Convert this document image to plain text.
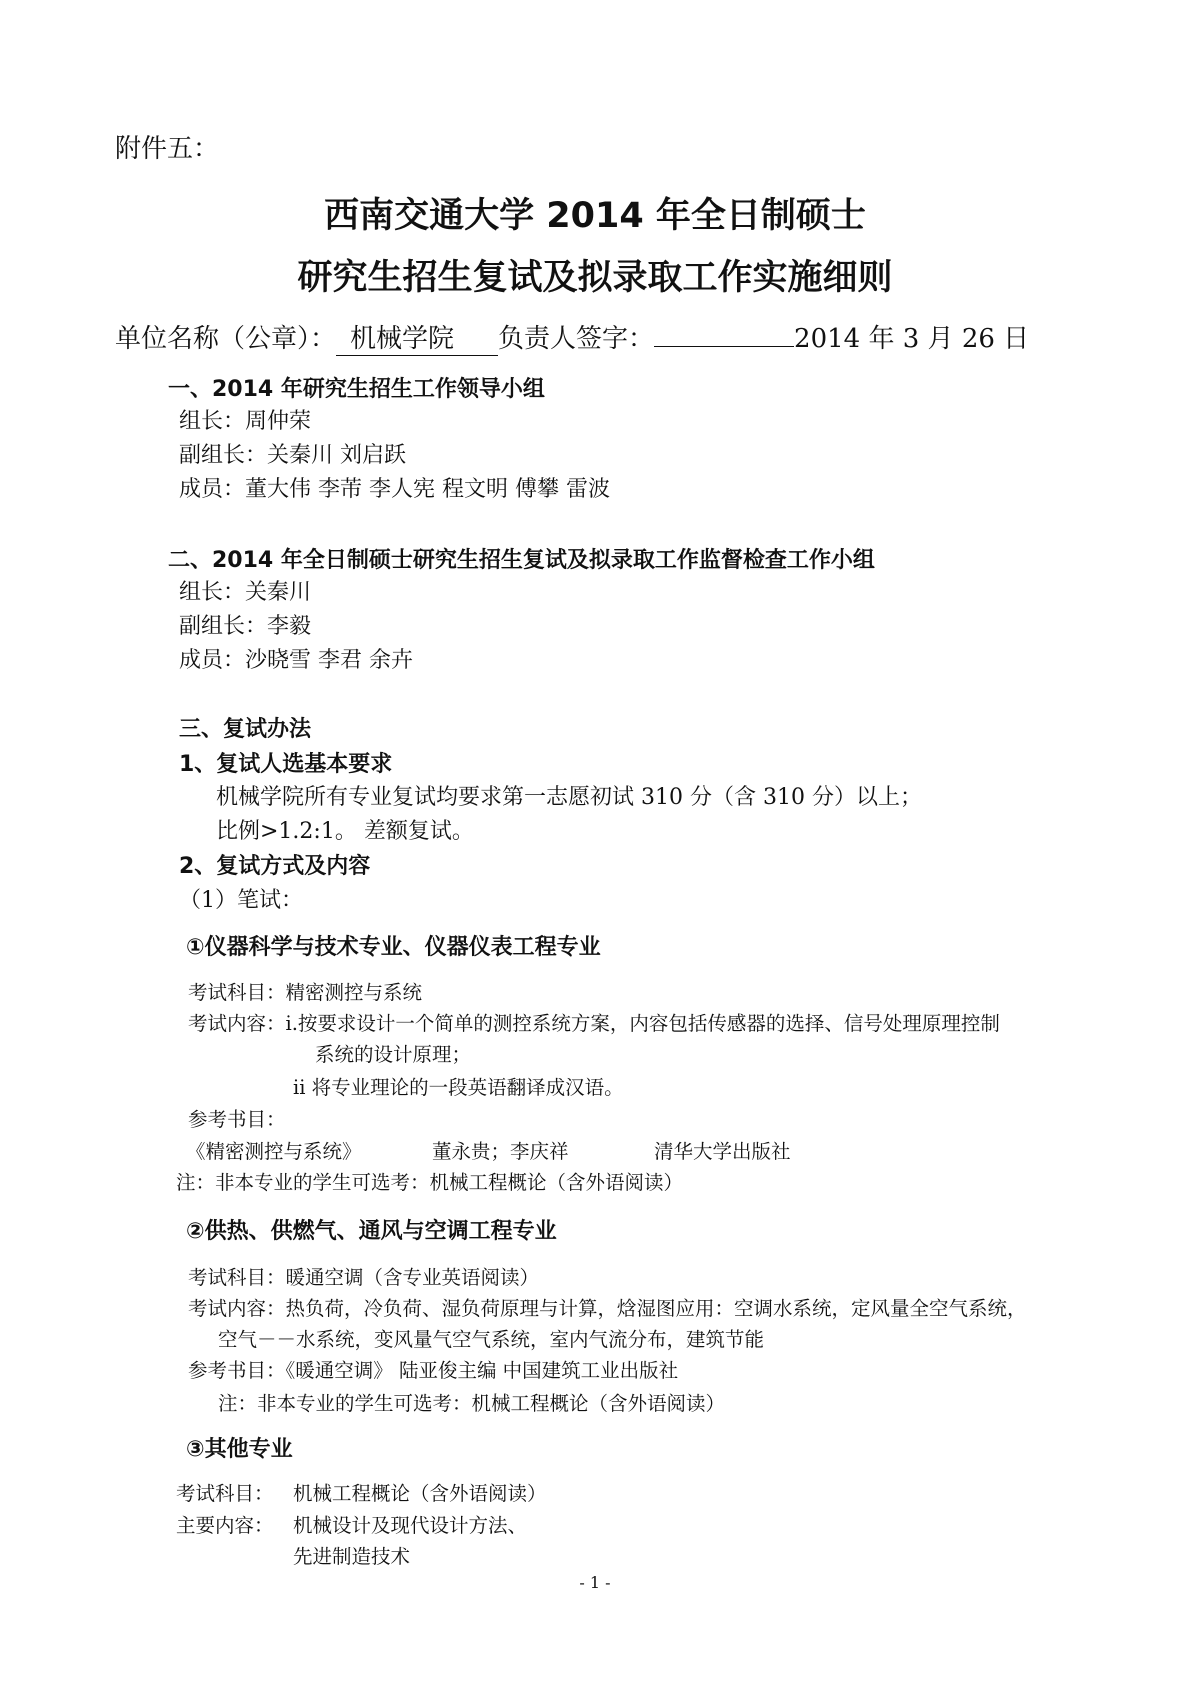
附件五：
西南交通大学 2014 年全日制硕士
研究生招生复试及拟录取工作实施细则
单位名称（公章）： 机械学院 负责人签字：	2014 年 3 月 26 日
一、2014 年研究生招生工作领导小组
组长：周仲荣
副组长：关秦川 刘启跃
成员：董大伟 李芾 李人宪 程文明 傅攀 雷波
二、2014 年全日制硕士研究生招生复试及拟录取工作监督检查工作小组
组长：关秦川
副组长：李毅
成员：沙晓雪 李君 余卉
三、复试办法
1、复试人选基本要求
机械学院所有专业复试均要求第一志愿初试 310 分（含 310 分）以上；
比例>1.2:1。 差额复试。
2、复试方式及内容
（1）笔试：
①仪器科学与技术专业、仪器仪表工程专业
考试科目：精密测控与系统
考试内容：i.按要求设计一个简单的测控系统方案，内容包括传感器的选择、信号处理原理控制
系统的设计原理；
ii 将专业理论的一段英语翻译成汉语。
参考书目：
《精密测控与系统》	董永贵；李庆祥	清华大学出版社
注：非本专业的学生可选考：机械工程概论（含外语阅读）
②供热、供燃气、通风与空调工程专业
考试科目：暖通空调（含专业英语阅读）
考试内容：热负荷，冷负荷、湿负荷原理与计算，焓湿图应用：空调水系统，定风量全空气系统，
空气－－水系统，变风量气空气系统，室内气流分布，建筑节能
参考书目：《暖通空调》 陆亚俊主编 中国建筑工业出版社
注：非本专业的学生可选考：机械工程概论（含外语阅读）
③其他专业
考试科目： 机械工程概论（含外语阅读）
主要内容： 机械设计及现代设计方法、
先进制造技术
- 1 -
